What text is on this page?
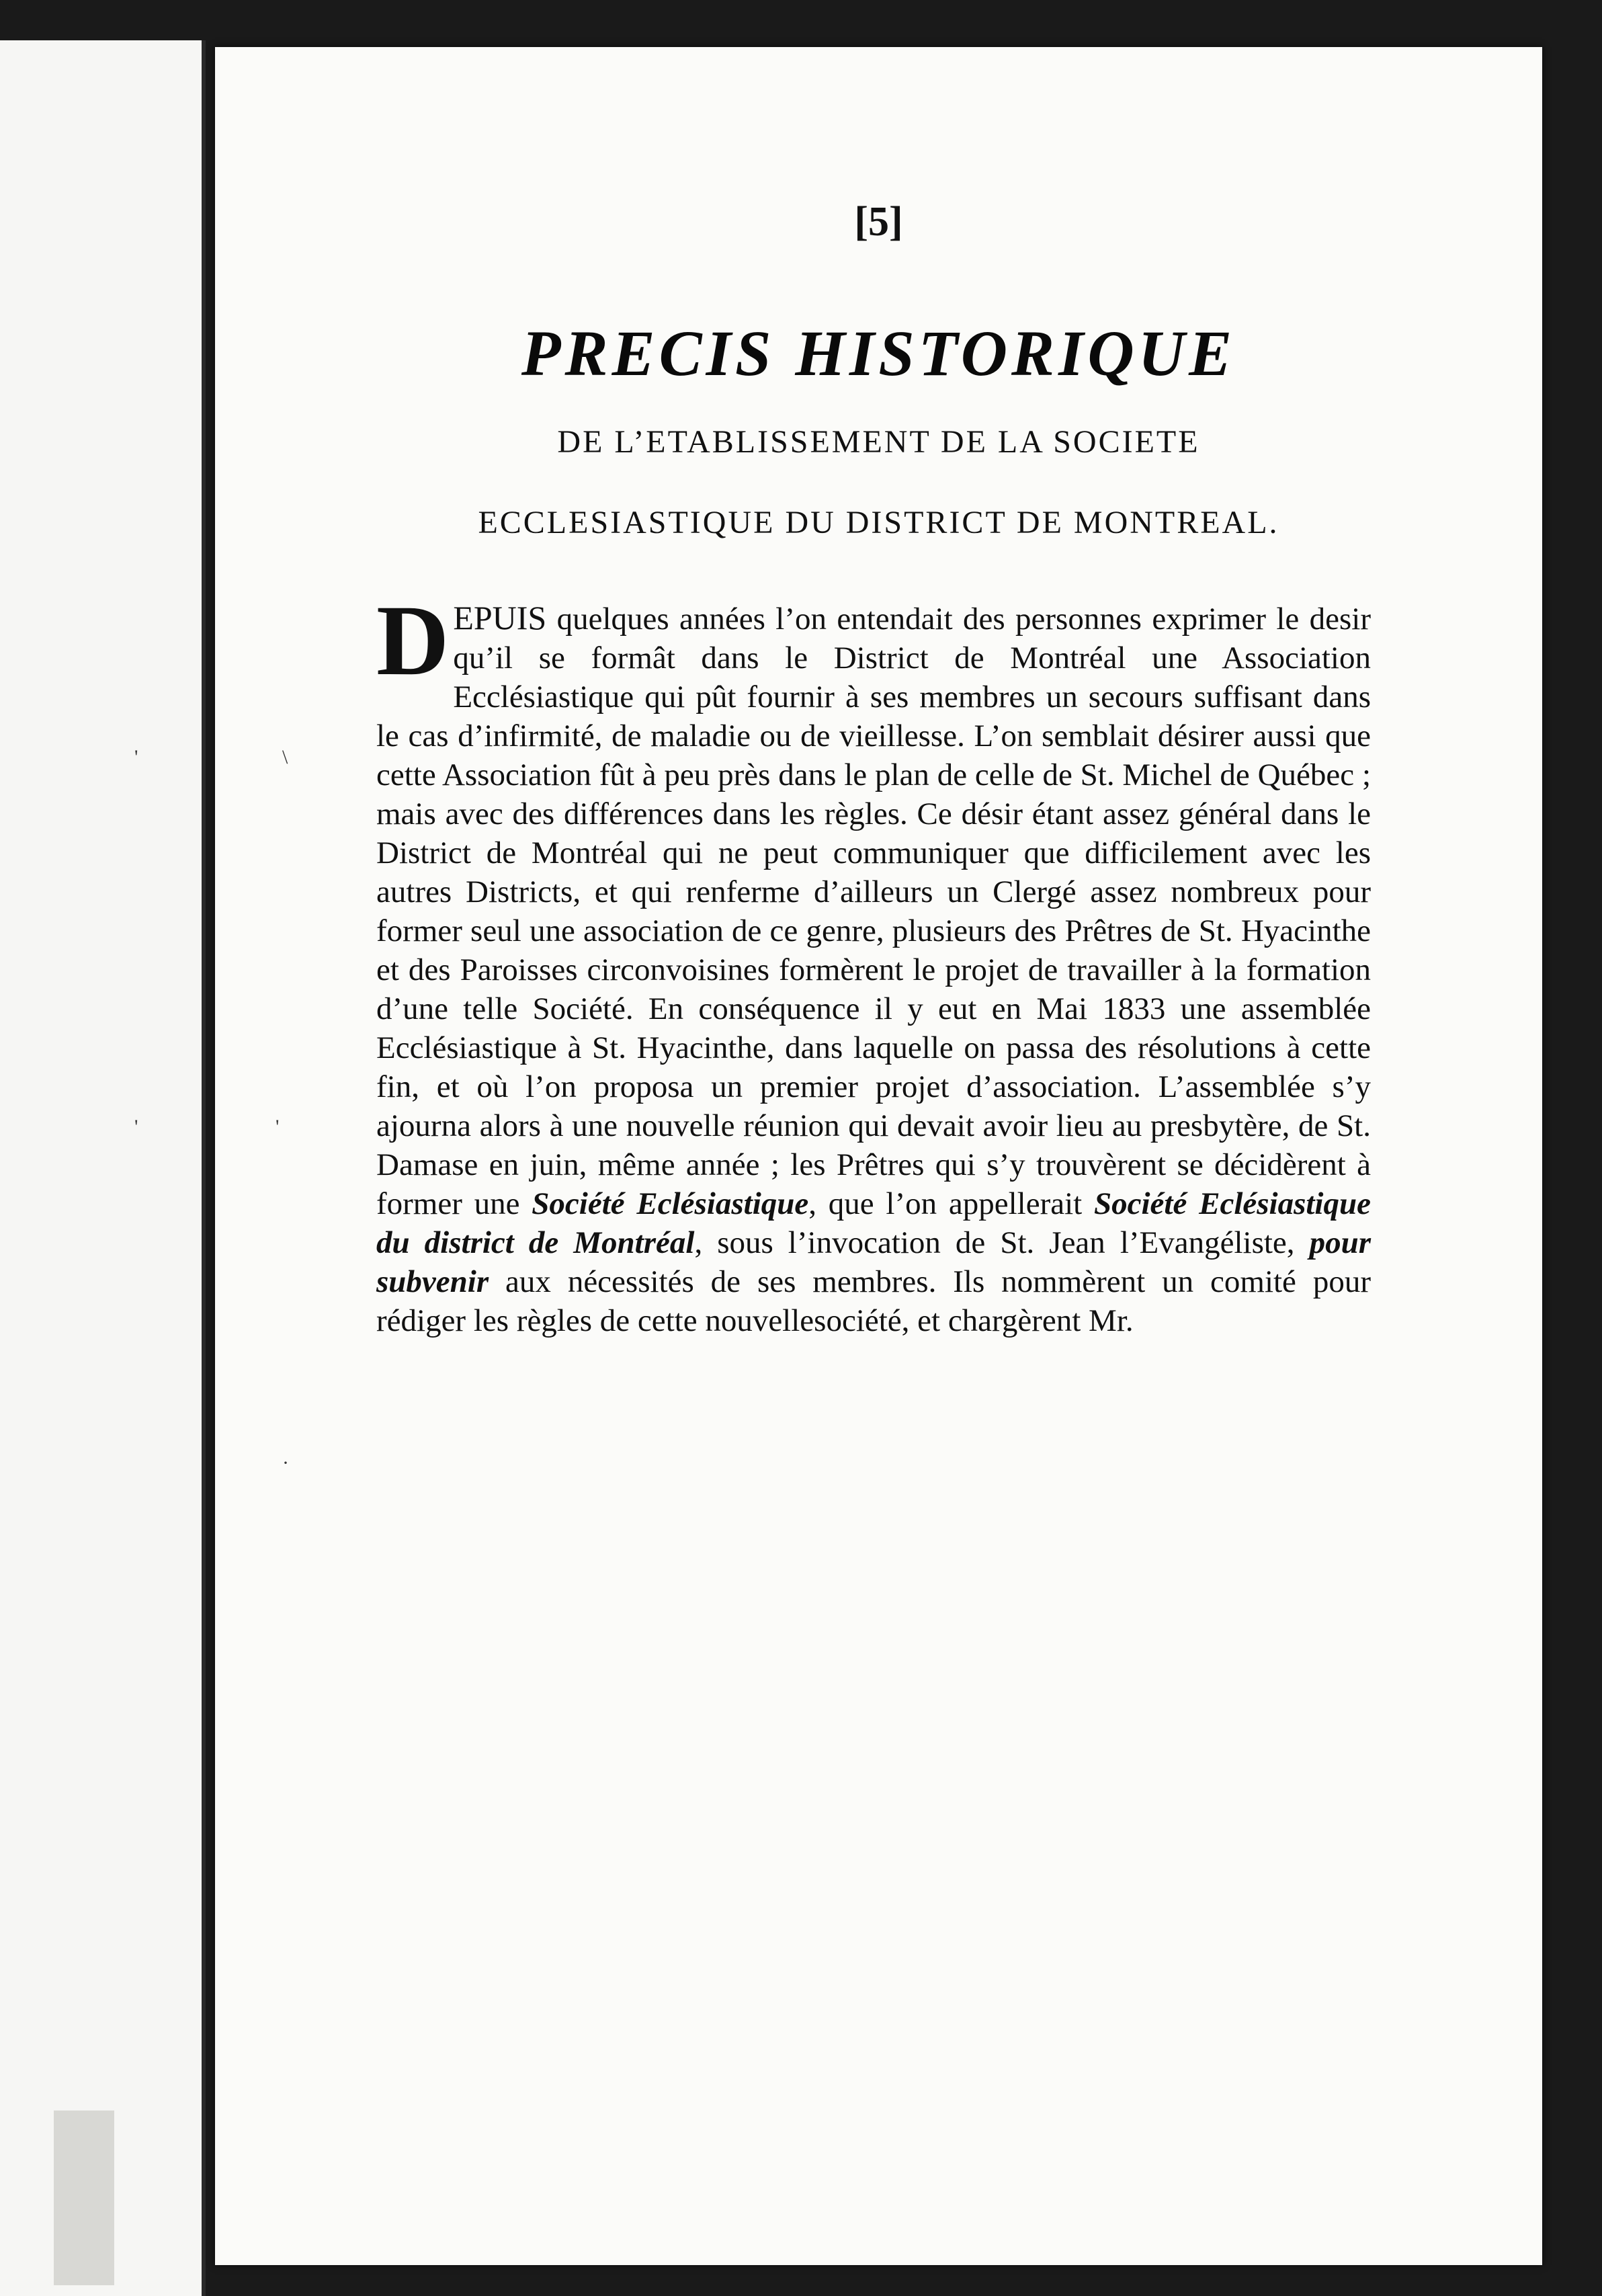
[5]
PRECIS HISTORIQUE
DE L’ETABLISSEMENT DE LA SOCIETE
ECCLESIASTIQUE DU DISTRICT DE MONTREAL.
DEPUIS quelques années l’on entendait des personnes exprimer le desir qu’il se formât dans le District de Montréal une Association Ecclésiastique qui pût fournir à ses membres un secours suffisant dans le cas d’infirmité, de maladie ou de vieillesse. L’on semblait désirer aussi que cette Association fût à peu près dans le plan de celle de St. Michel de Québec ; mais avec des différences dans les règles. Ce désir étant assez général dans le District de Montréal qui ne peut communiquer que difficilement avec les autres Districts, et qui renferme d’ailleurs un Clergé assez nombreux pour former seul une association de ce genre, plusieurs des Prêtres de St. Hyacinthe et des Paroisses circonvoisines formèrent le projet de travailler à la formation d’une telle Société. En conséquence il y eut en Mai 1833 une assemblée Ecclésiastique à St. Hyacinthe, dans laquelle on passa des résolutions à cette fin, et où l’on proposa un premier projet d’association. L’assemblée s’y ajourna alors à une nouvelle réunion qui devait avoir lieu au presbytère, de St. Damase en juin, même année ; les Prêtres qui s’y trouvèrent se décidèrent à former une Société Eclésiastique, que l’on appellerait Société Eclésiastique du district de Montréal, sous l’invocation de St. Jean l’Evangéliste, pour subvenir aux nécessités de ses membres. Ils nommèrent un comité pour rédiger les règles de cette nouvellesociété, et chargèrent Mr.
'	\
'	'
·
